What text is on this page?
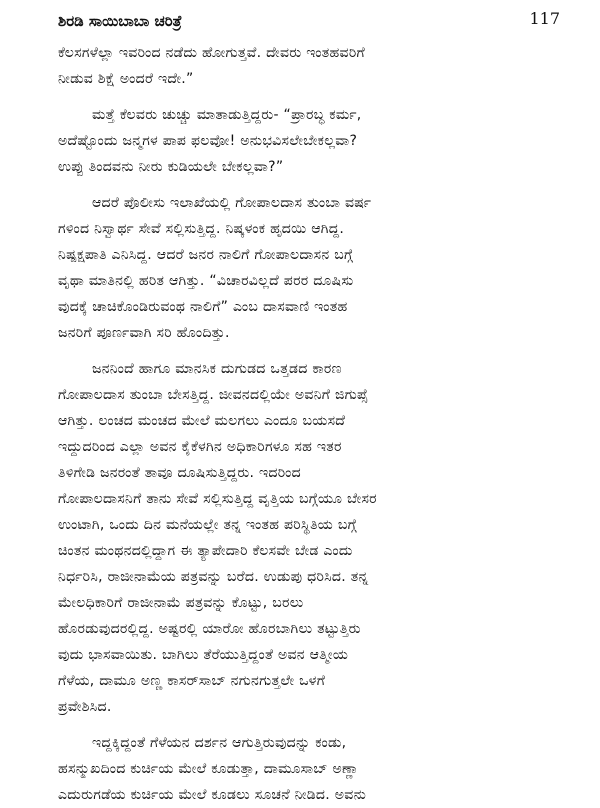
ಶಿರಡಿ ಸಾಯಿಬಾಬಾ ಚರಿತ್ರೆ	117
ಕೆಲಸಗಳೆಲ್ಲಾ ಇವರಿಂದ ನಡೆದು ಹೋಗುತ್ತವೆ. ದೇವರು ಇಂತಹವರಿಗೆ
ನೀಡುವ ಶಿಕ್ಷೆ ಅಂದರೆ ಇದೇ.”
ಮತ್ತೆ ಕೆಲವರು ಚುಚ್ಚು ಮಾತಾಡುತ್ತಿದ್ದರು- “ಪ್ರಾರಬ್ಧ ಕರ್ಮ,
ಅದೆಷ್ಟೊಂದು ಜನ್ಮಗಳ ಪಾಪ ಫಲವೋ! ಅನುಭವಿಸಲೇಬೇಕಲ್ಲವಾ?
ಉಪ್ಪು ತಿಂದವನು ನೀರು ಕುಡಿಯಲೇ ಬೇಕಲ್ಲವಾ?”
ಆದರೆ ಪೊಲೀಸು ಇಲಾಖೆಯಲ್ಲಿ ಗೋಪಾಲದಾಸ ತುಂಬಾ ವರ್ಷ
ಗಳಿಂದ ನಿಸ್ವಾರ್ಥ ಸೇವೆ ಸಲ್ಲಿಸುತ್ತಿದ್ದ. ನಿಷ್ಕಳಂಕ ಹೃದಯಿ ಆಗಿದ್ದ.
ನಿಷ್ಪಕ್ಷಪಾತಿ ಎನಿಸಿದ್ದ. ಆದರೆ ಜನರ ನಾಲಿಗೆ ಗೋಪಾಲದಾಸನ ಬಗ್ಗೆ
ವೃಥಾ ಮಾತಿನಲ್ಲಿ ಹರಿತ ಆಗಿತ್ತು. “ವಿಚಾರವಿಲ್ಲದೆ ಪರರ ದೂಷಿಸು
ವುದಕ್ಕೆ ಚಾಚಿಕೊಂಡಿರುವಂಥ ನಾಲಿಗೆ” ಎಂಬ ದಾಸವಾಣಿ ಇಂತಹ
ಜನರಿಗೆ ಪೂರ್ಣವಾಗಿ ಸರಿ ಹೊಂದಿತ್ತು.
ಜನನಿಂದೆ ಹಾಗೂ ಮಾನಸಿಕ ದುಗುಡದ ಒತ್ತಡದ ಕಾರಣ
ಗೋಪಾಲದಾಸ ತುಂಬಾ ಬೇಸತ್ತಿದ್ದ. ಜೀವನದಲ್ಲಿಯೇ ಅವನಿಗೆ ಜಿಗುಪ್ಸೆ
ಆಗಿತ್ತು. ಲಂಚದ ಮಂಚದ ಮೇಲೆ ಮಲಗಲು ಎಂದೂ ಬಯಸದೆ
ಇದ್ದುದರಿಂದ ಎಲ್ಲಾ ಅವನ ಕೈಕೆಳಗಿನ ಅಧಿಕಾರಿಗಳೂ ಸಹ ಇತರ
ತಿಳಿಗೇಡಿ ಜನರಂತೆ ತಾವೂ ದೂಷಿಸುತ್ತಿದ್ದರು. ಇದರಿಂದ
ಗೋಪಾಲದಾಸನಿಗೆ ತಾನು ಸೇವೆ ಸಲ್ಲಿಸುತ್ತಿದ್ದ ವೃತ್ತಿಯ ಬಗ್ಗೆಯೂ ಬೇಸರ
ಉಂಟಾಗಿ, ಒಂದು ದಿನ ಮನೆಯಲ್ಲೇ ತನ್ನ ಇಂತಹ ಪರಿಸ್ಥಿತಿಯ ಬಗ್ಗೆ
ಚಿಂತನ ಮಂಥನದಲ್ಲಿದ್ದಾಗ ಈ ತ್ಯಾಪೇದಾರಿ ಕೆಲಸವೇ ಬೇಡ ಎಂದು
ನಿರ್ಧರಿಸಿ, ರಾಜೀನಾಮೆಯ ಪತ್ರವನ್ನು ಬರೆದ. ಉಡುಪು ಧರಿಸಿದ. ತನ್ನ
ಮೇಲಧಿಕಾರಿಗೆ ರಾಜೀನಾಮೆ ಪತ್ರವನ್ನು ಕೊಟ್ಟು, ಬರಲು
ಹೊರಡುವುದರಲ್ಲಿದ್ದ. ಅಷ್ಟರಲ್ಲಿ ಯಾರೋ ಹೊರಬಾಗಿಲು ತಟ್ಟುತ್ತಿರು
ವುದು ಭಾಸವಾಯಿತು. ಬಾಗಿಲು ತೆರೆಯುತ್ತಿದ್ದಂತೆ ಅವನ ಆತ್ಮೀಯ
ಗೆಳೆಯ, ದಾಮೂ ಅಣ್ಣ ಕಾಸರ್‌ಸಾಬ್ ನಗುನಗುತ್ತಲೇ ಒಳಗೆ
ಪ್ರವೇಶಿಸಿದ.
ಇದ್ದಕ್ಕಿದ್ದಂತೆ ಗೆಳೆಯನ ದರ್ಶನ ಆಗುತ್ತಿರುವುದನ್ನು ಕಂಡು,
ಹಸನ್ಮುಖದಿಂದ ಕುರ್ಚಿಯ ಮೇಲೆ ಕೂಡುತ್ತಾ, ದಾಮೂಸಾಬ್ ಅಣ್ಣಾ
ಎದುರುಗಡೆಯ ಕುರ್ಚಿಯ ಮೇಲೆ ಕೂಡಲು ಸೂಚನೆ ನೀಡಿದ. ಅವನು
